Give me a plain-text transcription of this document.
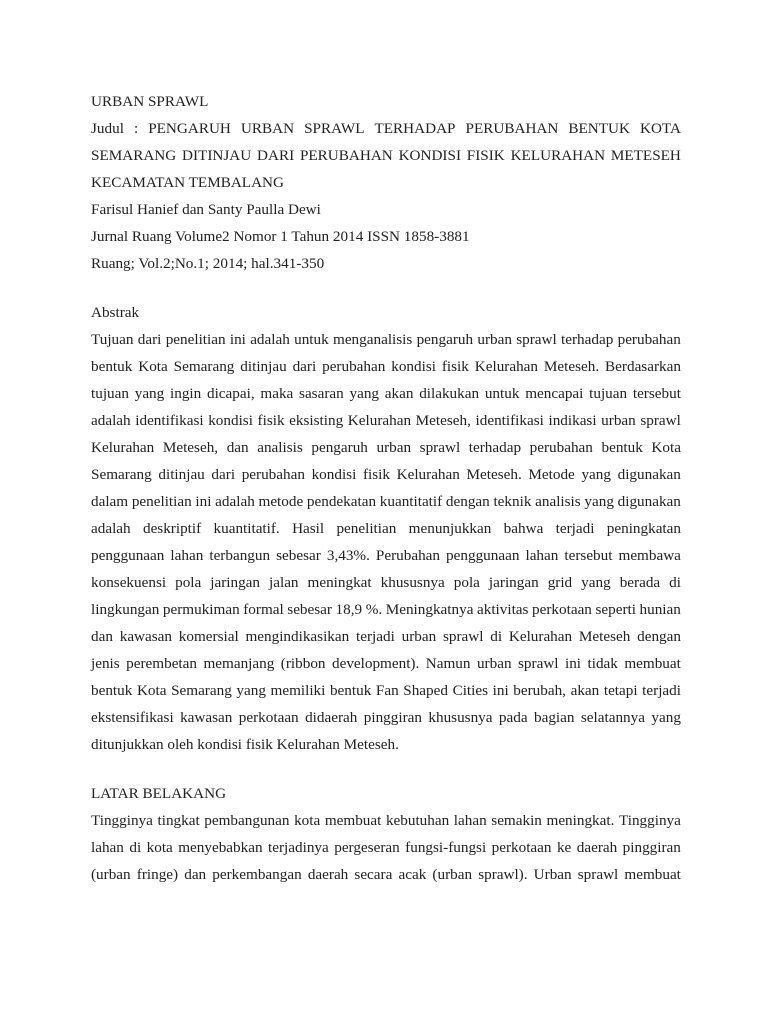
URBAN SPRAWL
Judul : PENGARUH URBAN SPRAWL TERHADAP PERUBAHAN BENTUK KOTA
SEMARANG DITINJAU DARI PERUBAHAN KONDISI FISIK KELURAHAN METESEH
KECAMATAN TEMBALANG
Farisul Hanief dan Santy Paulla Dewi
Jurnal Ruang Volume2 Nomor 1 Tahun 2014 ISSN 1858-3881
Ruang; Vol.2;No.1; 2014; hal.341-350
Abstrak
Tujuan dari penelitian ini adalah untuk menganalisis pengaruh urban sprawl terhadap perubahan
bentuk Kota Semarang ditinjau dari perubahan kondisi fisik Kelurahan Meteseh. Berdasarkan
tujuan yang ingin dicapai, maka sasaran yang akan dilakukan untuk mencapai tujuan tersebut
adalah identifikasi kondisi fisik eksisting Kelurahan Meteseh, identifikasi indikasi urban sprawl
Kelurahan Meteseh, dan analisis pengaruh urban sprawl terhadap perubahan bentuk Kota
Semarang ditinjau dari perubahan kondisi fisik Kelurahan Meteseh. Metode yang digunakan
dalam penelitian ini adalah metode pendekatan kuantitatif dengan teknik analisis yang digunakan
adalah deskriptif kuantitatif. Hasil penelitian menunjukkan bahwa terjadi peningkatan
penggunaan lahan terbangun sebesar 3,43%. Perubahan penggunaan lahan tersebut membawa
konsekuensi pola jaringan jalan meningkat khususnya pola jaringan grid yang berada di
lingkungan permukiman formal sebesar 18,9 %. Meningkatnya aktivitas perkotaan seperti hunian
dan kawasan komersial mengindikasikan terjadi urban sprawl di Kelurahan Meteseh dengan
jenis perembetan memanjang (ribbon development). Namun urban sprawl ini tidak membuat
bentuk Kota Semarang yang memiliki bentuk Fan Shaped Cities ini berubah, akan tetapi terjadi
ekstensifikasi kawasan perkotaan didaerah pinggiran khususnya pada bagian selatannya yang
ditunjukkan oleh kondisi fisik Kelurahan Meteseh.
LATAR BELAKANG
Tingginya tingkat pembangunan kota membuat kebutuhan lahan semakin meningkat. Tingginya
lahan di kota menyebabkan terjadinya pergeseran fungsi-fungsi perkotaan ke daerah pinggiran
(urban fringe) dan perkembangan daerah secara acak (urban sprawl). Urban sprawl membuat
